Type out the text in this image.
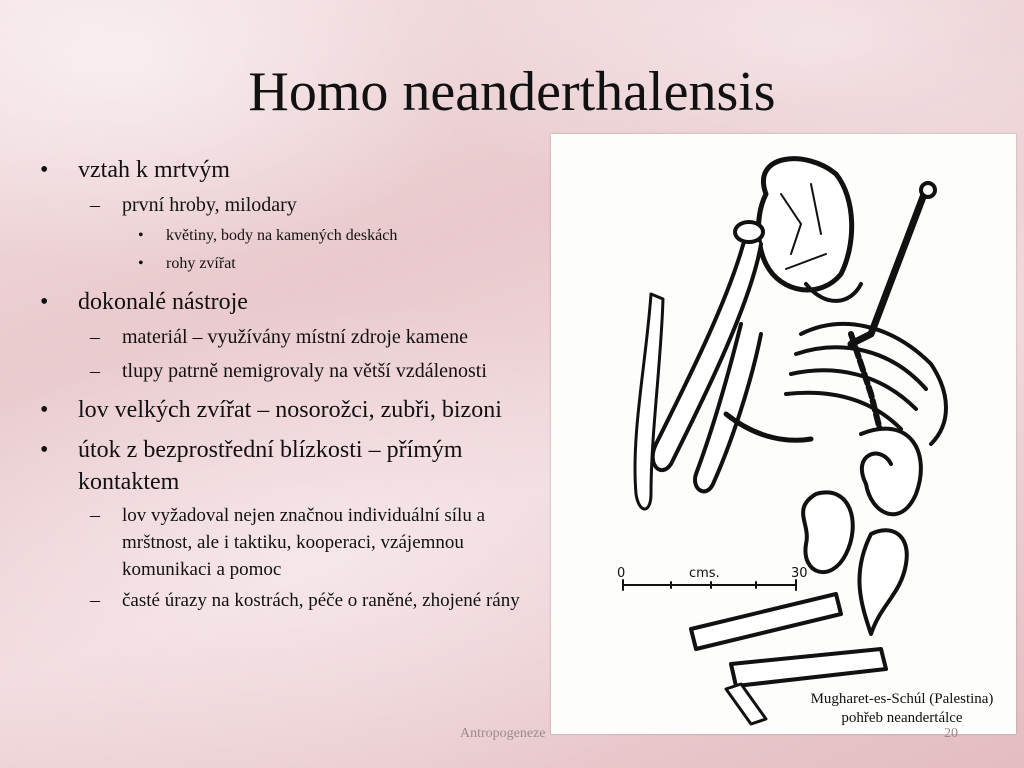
Homo neanderthalensis
• vztah k mrtvým
– první hroby, milodary
• květiny, body na kamených deskách
• rohy zvířat
• dokonalé nástroje
– materiál – využívány místní zdroje kamene
– tlupy patrně nemigrovaly na větší vzdálenosti
• lov velkých zvířat – nosorožci, zubři, bizoni
• útok z bezprostřední blízkosti – přímým kontaktem
– lov vyžadoval nejen značnou individuální sílu a mrštnost, ale i taktiku, kooperaci, vzájemnou komunikaci a pomoc
– časté úrazy na kostrách, péče o raněné, zhojené rány
0	cms.	30
Mugharet-es-Schúl (Palestina)
pohřeb neandertálce
Antropogeneze	20
